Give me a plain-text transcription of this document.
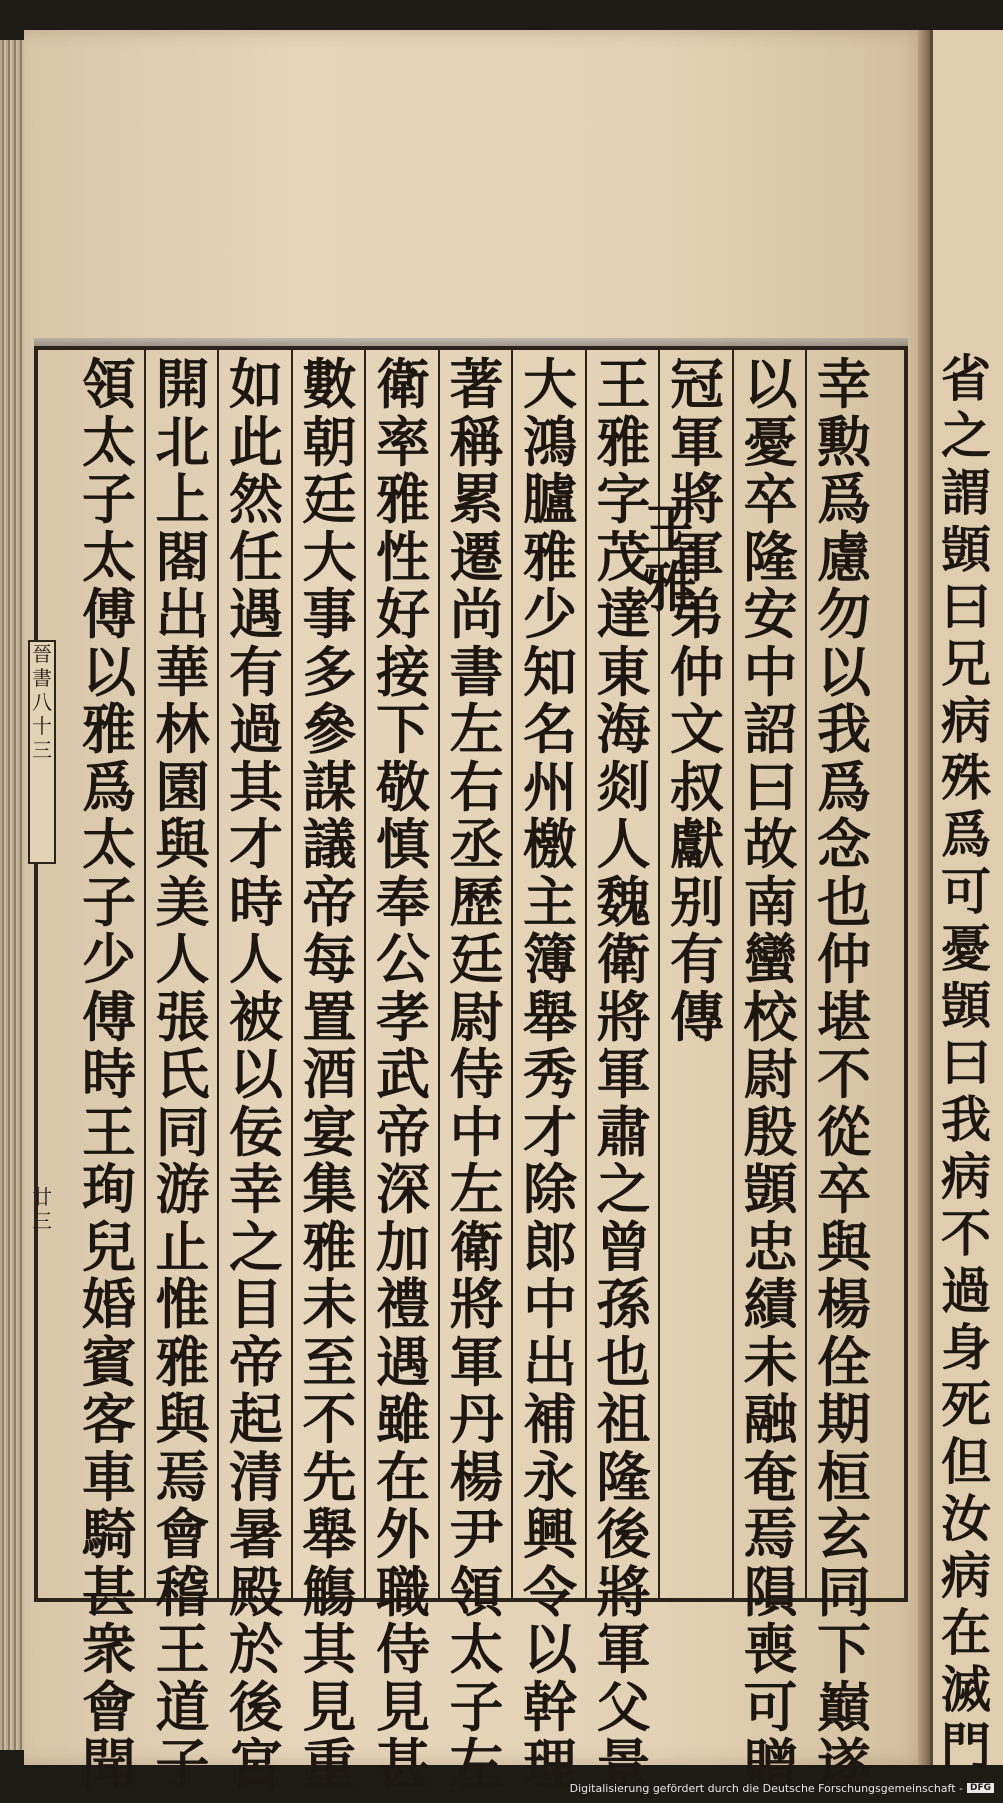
幸
勲
爲
慮
勿
以
我
爲
念
也
仲
堪
不
從
卒
與
楊
佺
期
桓
玄
同
下
巔
遂
以
憂
卒
隆
安
中
詔
曰
故
南
蠻
校
尉
殷
顗
忠
績
未
融
奄
焉
隕
喪
可
贈
冠
軍
將
軍
弟
仲
文
叔
獻
别
有
傳
王
雅
字
茂
達
東
海
剡
人
魏
衛
將
軍
肅
之
曾
孫
也
祖
隆
後
將
軍
父
景
大
鴻
臚
雅
少
知
名
州
檄
主
簿
舉
秀
才
除
郎
中
出
補
永
興
令
以
幹
理
著
稱
累
遷
尚
書
左
右
丞
歷
廷
尉
侍
中
左
衛
將
軍
丹
楊
尹
領
太
子
左
衛
率
雅
性
好
接
下
敬
慎
奉
公
孝
武
帝
深
加
禮
遇
雖
在
外
職
侍
見
甚
數
朝
廷
大
事
多
參
謀
議
帝
每
置
酒
宴
集
雅
未
至
不
先
舉
觴
其
見
重
如
此
然
任
遇
有
過
其
才
時
人
被
以
佞
幸
之
目
帝
起
清
暑
殿
於
後
宮
開
北
上
閤
出
華
林
園
與
美
人
張
氏
同
游
止
惟
雅
與
焉
會
稽
王
道
子
領
太
子
太
傅
以
雅
爲
太
子
少
傅
時
王
珣
兒
婚
賓
客
車
騎
甚
衆
會
聞
王
雅
晉
書
八
十
三
廿
三
省
之
謂
顗
曰
兄
病
殊
爲
可
憂
顗
曰
我
病
不
過
身
死
但
汝
病
在
滅
門
Digitalisierung gefördert durch die Deutsche Forschungsgemeinschaft - DFG
